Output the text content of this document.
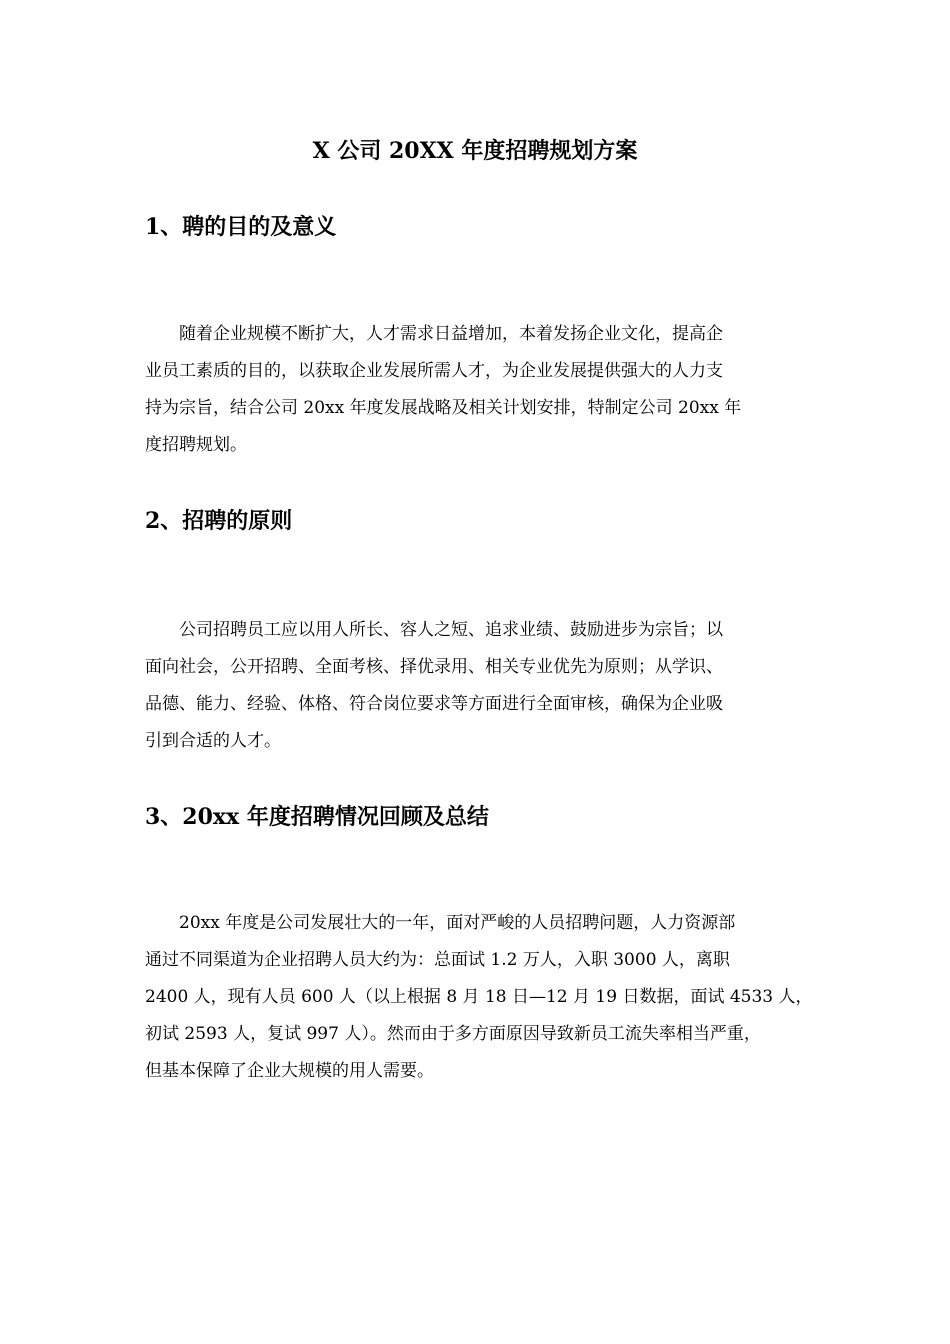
X 公司 20XX 年度招聘规划方案
1、聘的目的及意义
随着企业规模不断扩大，人才需求日益增加，本着发扬企业文化，提高企
业员工素质的目的，以获取企业发展所需人才，为企业发展提供强大的人力支
持为宗旨，结合公司 20xx 年度发展战略及相关计划安排，特制定公司 20xx 年
度招聘规划。
2、招聘的原则
公司招聘员工应以用人所长、容人之短、追求业绩、鼓励进步为宗旨；以
面向社会，公开招聘、全面考核、择优录用、相关专业优先为原则；从学识、
品德、能力、经验、体格、符合岗位要求等方面进行全面审核，确保为企业吸
引到合适的人才。
3、20xx 年度招聘情况回顾及总结
20xx 年度是公司发展壮大的一年，面对严峻的人员招聘问题，人力资源部
通过不同渠道为企业招聘人员大约为：总面试 1.2 万人，入职 3000 人，离职
2400 人，现有人员 600 人（以上根据 8 月 18 日—12 月 19 日数据，面试 4533 人，
初试 2593 人，复试 997 人）。然而由于多方面原因导致新员工流失率相当严重，
但基本保障了企业大规模的用人需要。
